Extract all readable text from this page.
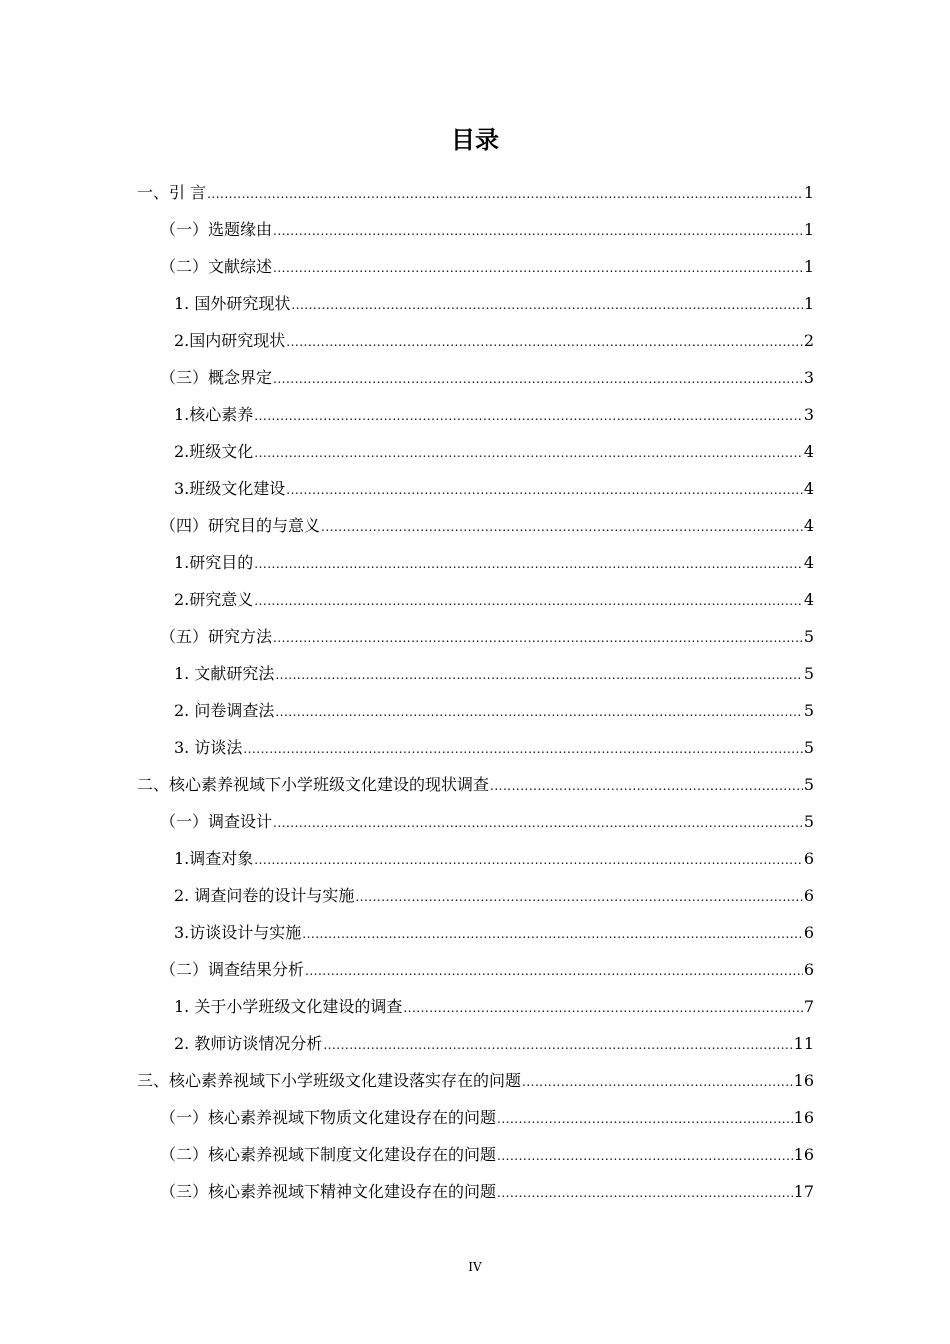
目录
一、引 言 .....	1
（一）选题缘由 .....	1
（二）文献综述 .....	1
1. 国外研究现状 .....	1
2.国内研究现状 .....	2
（三）概念界定 .....	3
1.核心素养 .....	3
2.班级文化 .....	4
3.班级文化建设 .....	4
（四）研究目的与意义 .....	4
1.研究目的 .....	4
2.研究意义 .....	4
（五）研究方法 .....	5
1. 文献研究法 .....	5
2. 问卷调查法 .....	5
3. 访谈法 .....	5
二、核心素养视域下小学班级文化建设的现状调查 .....	5
（一）调查设计 .....	5
1.调查对象 .....	6
2. 调查问卷的设计与实施 .....	6
3.访谈设计与实施 .....	6
（二）调查结果分析 .....	6
1. 关于小学班级文化建设的调查 .....	7
2. 教师访谈情况分析 .....	11
三、核心素养视域下小学班级文化建设落实存在的问题 .....	16
（一）核心素养视域下物质文化建设存在的问题 .....	16
（二）核心素养视域下制度文化建设存在的问题 .....	16
（三）核心素养视域下精神文化建设存在的问题 .....	17
IV
